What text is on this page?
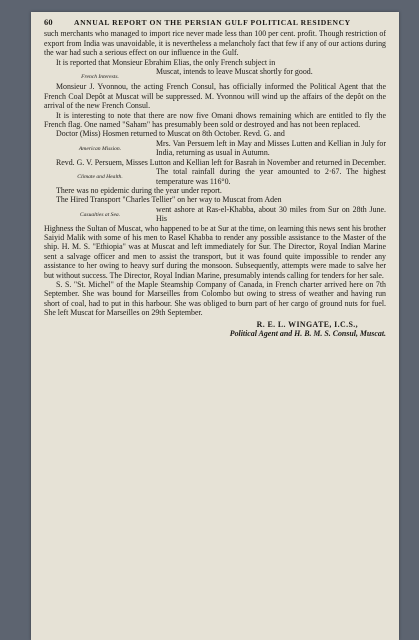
60	ANNUAL REPORT ON THE PERSIAN GULF POLITICAL RESIDENCY

such merchants who managed to import rice never made less than 100 per cent. profit. Though restriction of export from India was unavoidable, it is nevertheless a melancholy fact that few if any of our actions during the war had such a serious effect on our influence in the Gulf.

It is reported that Monsieur Ebrahim Elias, the only French subject in

French Interests.
Muscat, intends to leave Muscat shortly for good.

Monsieur J. Yvonnou, the acting French Consul, has officially informed the Political Agent that the French Coal Depôt at Muscat will be suppressed. M. Yvonnou will wind up the affairs of the depôt on the arrival of the new French Consul.

It is interesting to note that there are now five Omani dhows remaining which are entitled to fly the French flag. One named "Saham" has presumably been sold or destroyed and has not been replaced.

Doctor (Miss) Hosmen returned to Muscat on 8th October. Revd. G. and

American Mission.
Mrs. Van Persuem left in May and Misses Lutten and Kellian in July for India, returning as usual in Autumn.

Revd. G. V. Persuem, Misses Lutton and Kellian left for Basrah in November and returned in December.

Climate and Health.
The total rainfall during the year amounted to 2·67. The highest temperature was 116°0.

There was no epidemic during the year under report.

The Hired Transport "Charles Tellier" on her way to Muscat from Aden

Casualties at Sea.
went ashore at Ras-el-Khabba, about 30 miles from Sur on 28th June. His

Highness the Sultan of Muscat, who happened to be at Sur at the time, on learning this news sent his brother Saiyid Malik with some of his men to Rasel Khabba to render any possible assistance to the Master of the ship. H. M. S. "Ethiopia" was at Muscat and left immediately for Sur. The Director, Royal Indian Marine sent a salvage officer and men to assist the transport, but it was found quite impossible to render any assistance to her owing to heavy surf during the monsoon. Subsequently, attempts were made to salve her but without success. The Director, Royal Indian Marine, presumably intends calling for tenders for her sale.

S. S. "St. Michel" of the Maple Steamship Company of Canada, in French charter arrived here on 7th September. She was bound for Marseilles from Colombo but owing to stress of weather and having run short of coal, had to put in this harbour. She was obliged to burn part of her cargo of ground nuts for fuel. She left Muscat for Marseilles on 29th September.

R. E. L. WINGATE, I.C.S.,
Political Agent and H. B. M. S. Consul, Muscat.
